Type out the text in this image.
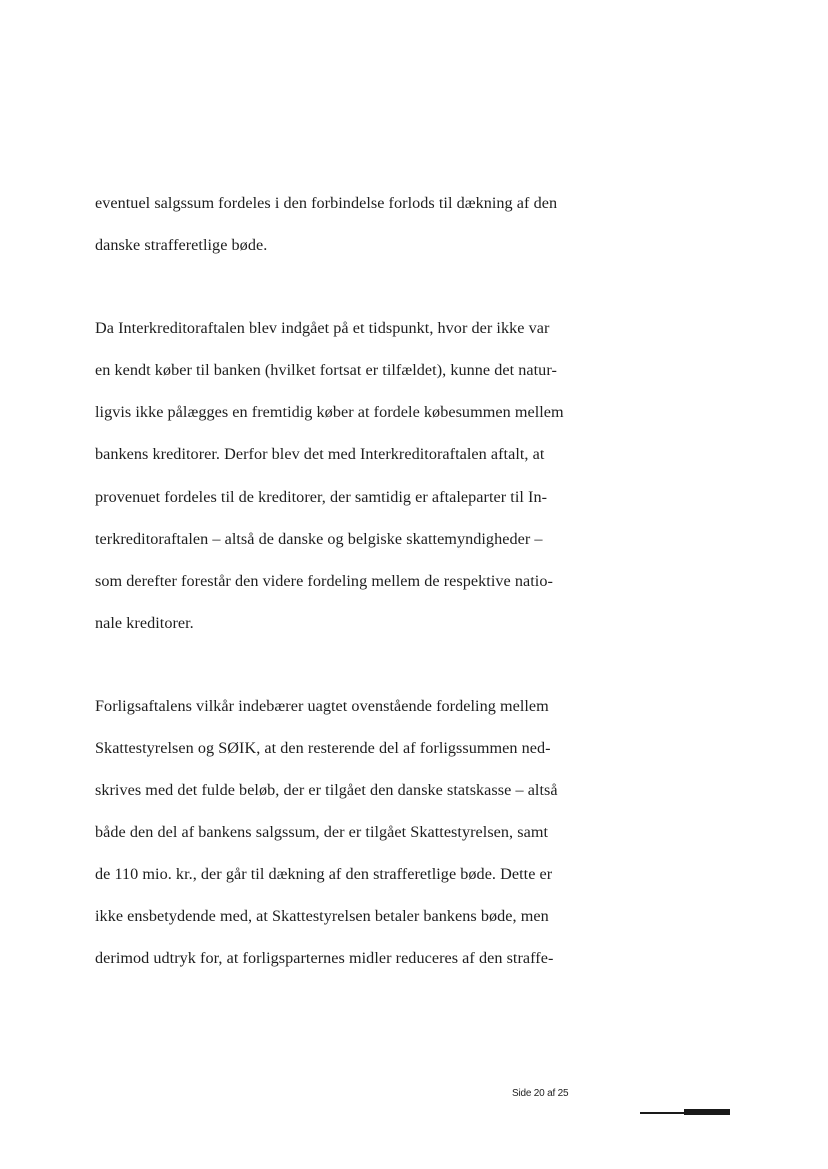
eventuel salgssum fordeles i den forbindelse forlods til dækning af den
danske strafferetlige bøde.
Da Interkreditoraftalen blev indgået på et tidspunkt, hvor der ikke var
en kendt køber til banken (hvilket fortsat er tilfældet), kunne det natur-
ligvis ikke pålægges en fremtidig køber at fordele købesummen mellem
bankens kreditorer. Derfor blev det med Interkreditoraftalen aftalt, at
provenuet fordeles til de kreditorer, der samtidig er aftaleparter til In-
terkreditoraftalen – altså de danske og belgiske skattemyndigheder –
som derefter forestår den videre fordeling mellem de respektive natio-
nale kreditorer.
Forligsaftalens vilkår indebærer uagtet ovenstående fordeling mellem
Skattestyrelsen og SØIK, at den resterende del af forligssummen ned-
skrives med det fulde beløb, der er tilgået den danske statskasse – altså
både den del af bankens salgssum, der er tilgået Skattestyrelsen, samt
de 110 mio. kr., der går til dækning af den strafferetlige bøde. Dette er
ikke ensbetydende med, at Skattestyrelsen betaler bankens bøde, men
derimod udtryk for, at forligsparternes midler reduceres af den straffe-
Side 20 af 25
